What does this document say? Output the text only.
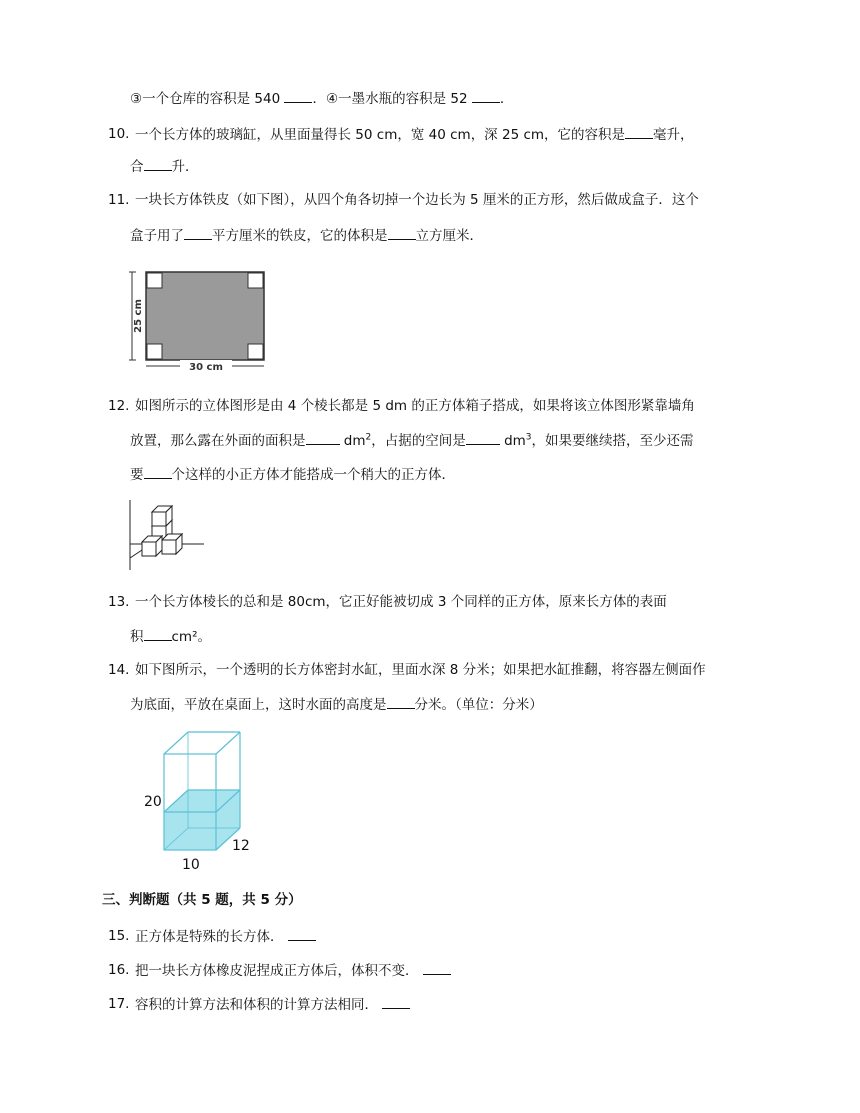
③一个仓库的容积是 540 ．④一墨水瓶的容积是 52 ．
10. 一个长方体的玻璃缸，从里面量得长 50 cm，宽 40 cm，深 25 cm，它的容积是 毫升，
合 升．
11. 一块长方体铁皮（如下图），从四个角各切掉一个边长为 5 厘米的正方形，然后做成盒子．这个
盒子用了 平方厘米的铁皮，它的体积是 立方厘米．
25 cm
30 cm
12. 如图所示的立体图形是由 4 个棱长都是 5 dm 的正方体箱子搭成，如果将该立体图形紧靠墙角
放置，那么露在外面的面积是	$dm^2$，占据的空间是	$dm^3$，如果要继续搭，至少还需
要 个这样的小正方体才能搭成一个稍大的正方体．
13. 一个长方体棱长的总和是 80cm，它正好能被切成 3 个同样的正方体，原来长方体的表面
积 cm²。
14. 如下图所示，一个透明的长方体密封水缸，里面水深 8 分米；如果把水缸推翻，将容器左侧面作
为底面，平放在桌面上，这时水面的高度是 分米。（单位：分米）
20
10
12
三、判断题（共 5 题，共 5 分）
15. 正方体是特殊的长方体．
16. 把一块长方体橡皮泥捏成正方体后，体积不变．
17. 容积的计算方法和体积的计算方法相同．
